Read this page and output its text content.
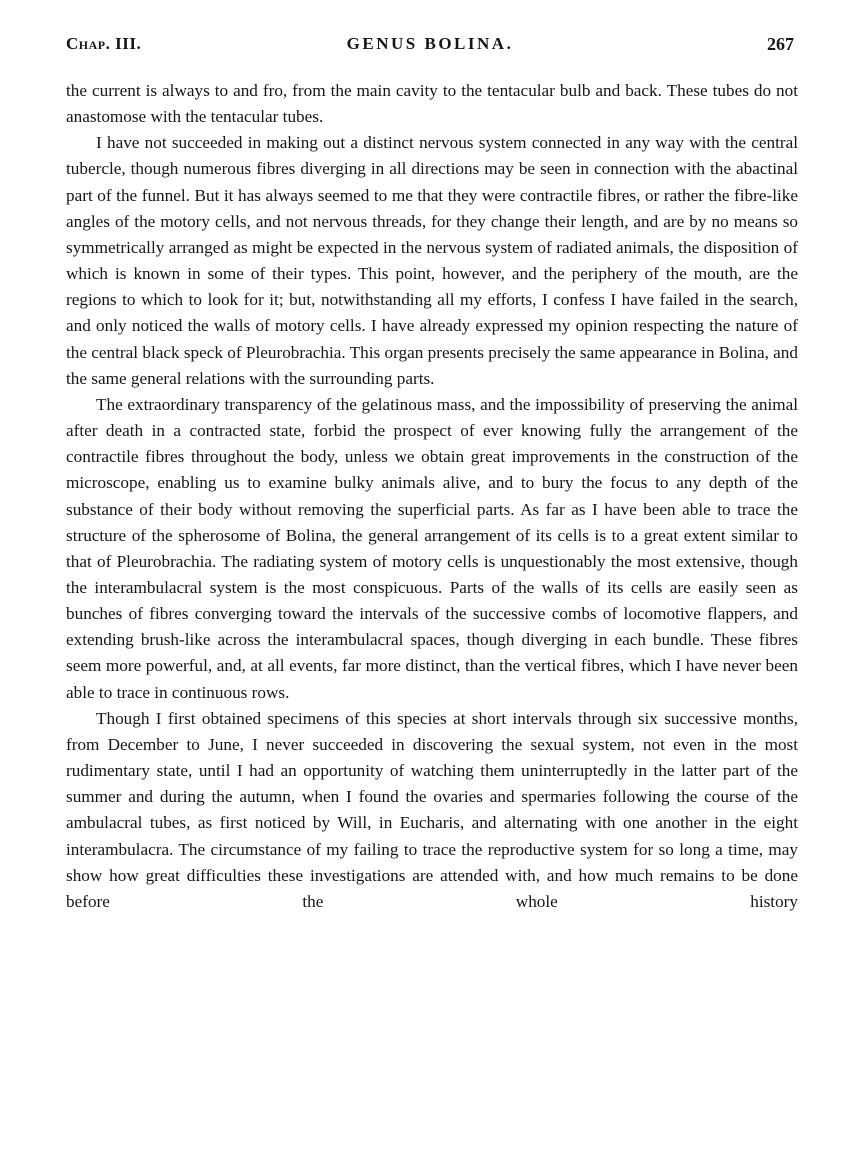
Chap. III.	GENUS BOLINA.	267

the current is always to and fro, from the main cavity to the tentacular bulb and back. These tubes do not anastomose with the tentacular tubes.

I have not succeeded in making out a distinct nervous system connected in any way with the central tubercle, though numerous fibres diverging in all directions may be seen in connection with the abactinal part of the funnel. But it has always seemed to me that they were contractile fibres, or rather the fibre-like angles of the motory cells, and not nervous threads, for they change their length, and are by no means so symmetrically arranged as might be expected in the nervous system of radiated animals, the disposition of which is known in some of their types. This point, however, and the periphery of the mouth, are the regions to which to look for it; but, notwithstanding all my efforts, I confess I have failed in the search, and only noticed the walls of motory cells. I have already expressed my opinion respecting the nature of the central black speck of Pleurobrachia. This organ presents precisely the same appearance in Bolina, and the same general relations with the surrounding parts.

The extraordinary transparency of the gelatinous mass, and the impossibility of preserving the animal after death in a contracted state, forbid the prospect of ever knowing fully the arrangement of the contractile fibres throughout the body, unless we obtain great improvements in the construction of the microscope, enabling us to examine bulky animals alive, and to bury the focus to any depth of the substance of their body without removing the superficial parts. As far as I have been able to trace the structure of the spherosome of Bolina, the general arrangement of its cells is to a great extent similar to that of Pleurobrachia. The radiating system of motory cells is unquestionably the most extensive, though the interambulacral system is the most conspicuous. Parts of the walls of its cells are easily seen as bunches of fibres converging toward the intervals of the successive combs of locomotive flappers, and extending brush-like across the interambulacral spaces, though diverging in each bundle. These fibres seem more powerful, and, at all events, far more distinct, than the vertical fibres, which I have never been able to trace in continuous rows.

Though I first obtained specimens of this species at short intervals through six successive months, from December to June, I never succeeded in discovering the sexual system, not even in the most rudimentary state, until I had an opportunity of watching them uninterruptedly in the latter part of the summer and during the autumn, when I found the ovaries and spermaries following the course of the ambulacral tubes, as first noticed by Will, in Eucharis, and alternating with one another in the eight interambulacra. The circumstance of my failing to trace the reproductive system for so long a time, may show how great difficulties these investigations are attended with, and how much remains to be done before the whole history
